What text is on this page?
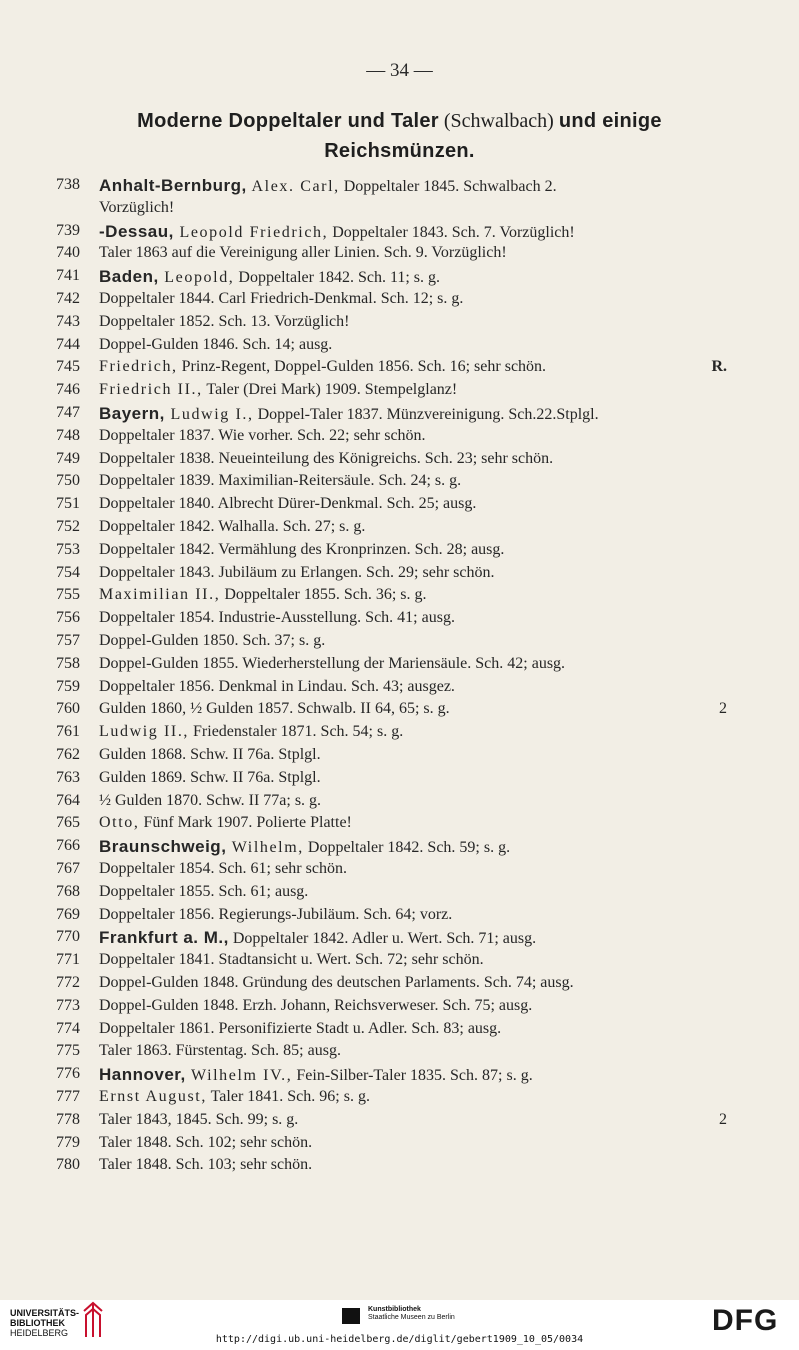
— 34 —
Moderne Doppeltaler und Taler (Schwalbach) und einige
Reichsmünzen.
738 Anhalt-Bernburg, Alex. Carl, Doppeltaler 1845. Schwalbach 2.
Vorzüglich!
739 -Dessau, Leopold Friedrich, Doppeltaler 1843. Sch. 7. Vorzüglich!
740 Taler 1863 auf die Vereinigung aller Linien. Sch. 9. Vorzüglich!
741 Baden, Leopold, Doppeltaler 1842. Sch. 11; s. g.
742 Doppeltaler 1844. Carl Friedrich-Denkmal. Sch. 12; s. g.
743 Doppeltaler 1852. Sch. 13. Vorzüglich!
744 Doppel-Gulden 1846. Sch. 14; ausg.
745 Friedrich, Prinz-Regent, Doppel-Gulden 1856. Sch. 16; sehr schön.	R.
746 Friedrich II., Taler (Drei Mark) 1909. Stempelglanz!
747 Bayern, Ludwig I., Doppel-Taler 1837. Münzvereinigung. Sch.22.Stplgl.
748 Doppeltaler 1837. Wie vorher. Sch. 22; sehr schön.
749 Doppeltaler 1838. Neueinteilung des Königreichs. Sch. 23; sehr schön.
750 Doppeltaler 1839. Maximilian-Reitersäule. Sch. 24; s. g.
751 Doppeltaler 1840. Albrecht Dürer-Denkmal. Sch. 25; ausg.
752 Doppeltaler 1842. Walhalla. Sch. 27; s. g.
753 Doppeltaler 1842. Vermählung des Kronprinzen. Sch. 28; ausg.
754 Doppeltaler 1843. Jubiläum zu Erlangen. Sch. 29; sehr schön.
755 Maximilian II., Doppeltaler 1855. Sch. 36; s. g.
756 Doppeltaler 1854. Industrie-Ausstellung. Sch. 41; ausg.
757 Doppel-Gulden 1850. Sch. 37; s. g.
758 Doppel-Gulden 1855. Wiederherstellung der Mariensäule. Sch. 42; ausg.
759 Doppeltaler 1856. Denkmal in Lindau. Sch. 43; ausgez.
760 Gulden 1860, ½ Gulden 1857. Schwalb. II 64, 65; s. g.	2
761 Ludwig II., Friedenstaler 1871. Sch. 54; s. g.
762 Gulden 1868. Schw. II 76a. Stplgl.
763 Gulden 1869. Schw. II 76a. Stplgl.
764 ½ Gulden 1870. Schw. II 77a; s. g.
765 Otto, Fünf Mark 1907. Polierte Platte!
766 Braunschweig, Wilhelm, Doppeltaler 1842. Sch. 59; s. g.
767 Doppeltaler 1854. Sch. 61; sehr schön.
768 Doppeltaler 1855. Sch. 61; ausg.
769 Doppeltaler 1856. Regierungs-Jubiläum. Sch. 64; vorz.
770 Frankfurt a. M., Doppeltaler 1842. Adler u. Wert. Sch. 71; ausg.
771 Doppeltaler 1841. Stadtansicht u. Wert. Sch. 72; sehr schön.
772 Doppel-Gulden 1848. Gründung des deutschen Parlaments. Sch. 74; ausg.
773 Doppel-Gulden 1848. Erzh. Johann, Reichsverweser. Sch. 75; ausg.
774 Doppeltaler 1861. Personifizierte Stadt u. Adler. Sch. 83; ausg.
775 Taler 1863. Fürstentag. Sch. 85; ausg.
776 Hannover, Wilhelm IV., Fein-Silber-Taler 1835. Sch. 87; s. g.
777 Ernst August, Taler 1841. Sch. 96; s. g.
778 Taler 1843, 1845. Sch. 99; s. g.	2
779 Taler 1848. Sch. 102; sehr schön.
780 Taler 1848. Sch. 103; sehr schön.
UNIVERSITÄTS-
BIBLIOTHEK
HEIDELBERG
Kunstbibliothek
Staatliche Museen zu Berlin	DFG
http://digi.ub.uni-heidelberg.de/diglit/gebert1909_10_05/0034
